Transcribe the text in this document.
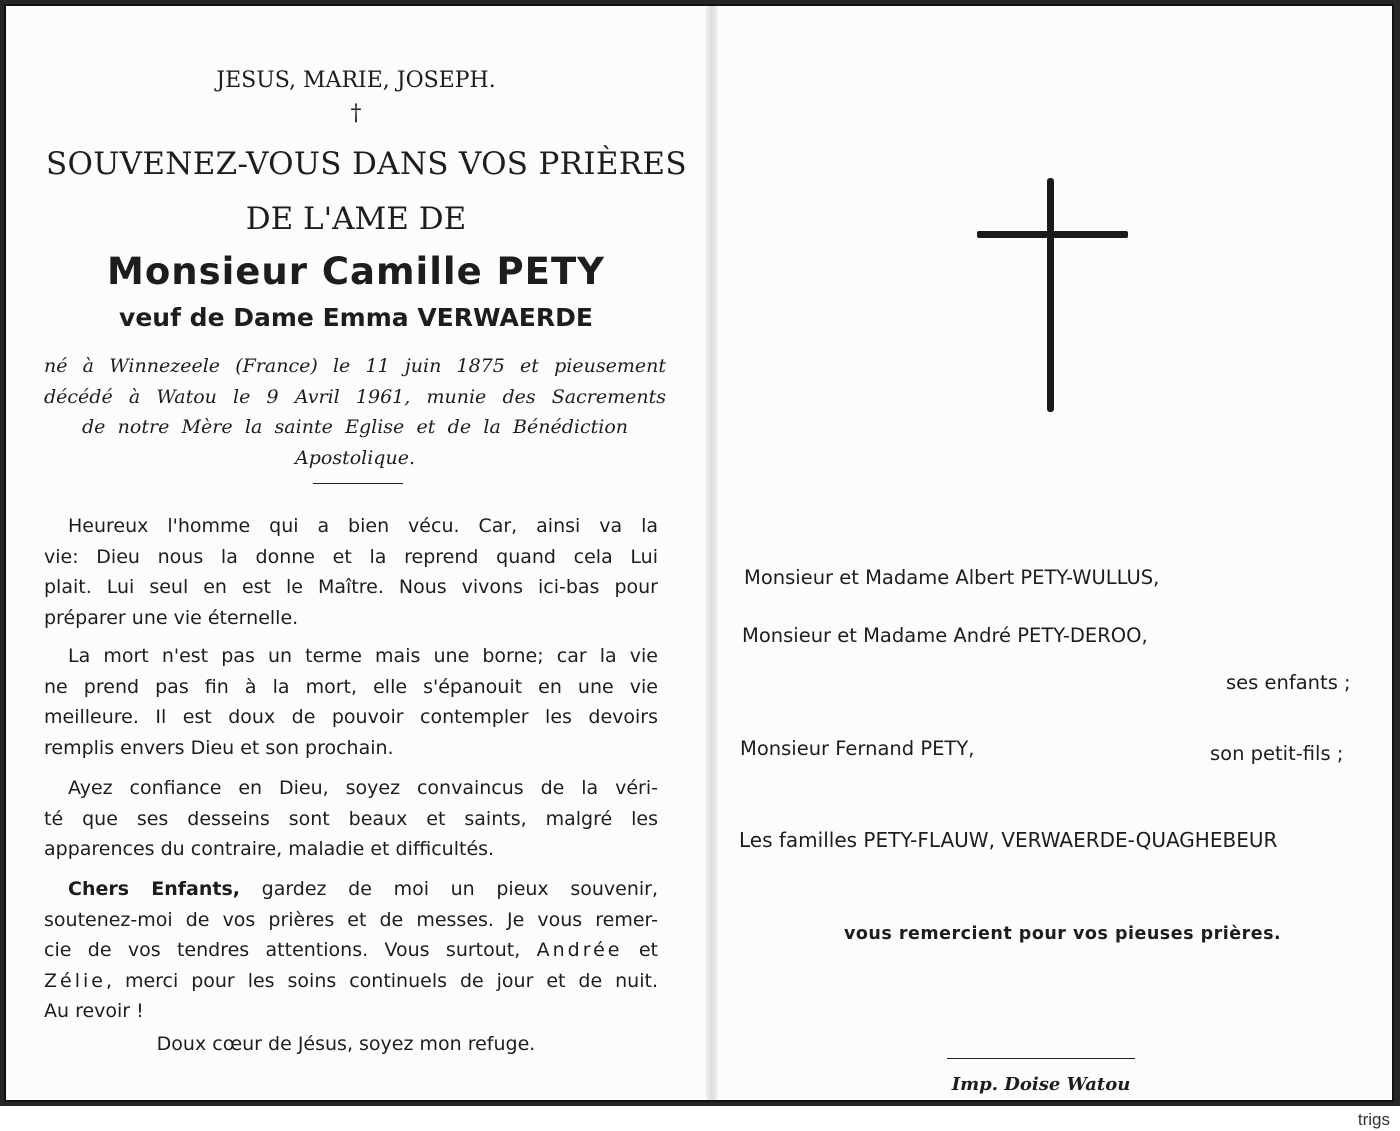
trigs
JESUS, MARIE, JOSEPH.
†
SOUVENEZ-VOUS DANS VOS PRIÈRES
DE L'AME DE
Monsieur Camille PETY
veuf de Dame Emma VERWAERDE
né à Winnezeele (France) le 11 juin 1875 et pieusement
décédé à Watou le 9 Avril 1961, munie des Sacrements
de notre Mère la sainte Eglise et de la Bénédiction
Apostolique.
Heureux l'homme qui a bien vécu. Car, ainsi va la
vie: Dieu nous la donne et la reprend quand cela Lui
plait. Lui seul en est le Maître. Nous vivons ici-bas pour
préparer une vie éternelle.
La mort n'est pas un terme mais une borne; car la vie
ne prend pas fin à la mort, elle s'épanouit en une vie
meilleure. Il est doux de pouvoir contempler les devoirs
remplis envers Dieu et son prochain.
Ayez confiance en Dieu, soyez convaincus de la véri-
té que ses desseins sont beaux et saints, malgré les
apparences du contraire, maladie et difficultés.
Chers Enfants, gardez de moi un pieux souvenir,
soutenez-moi de vos prières et de messes. Je vous remer-
cie de vos tendres attentions. Vous surtout, Andrée et
Zélie, merci pour les soins continuels de jour et de nuit.
Au revoir !
Doux cœur de Jésus, soyez mon refuge.
Monsieur et Madame Albert PETY-WULLUS,
Monsieur et Madame André PETY-DEROO,
ses enfants ;
Monsieur Fernand PETY,	son petit-fils ;
Les familles PETY-FLAUW, VERWAERDE-QUAGHEBEUR
vous remercient pour vos pieuses prières.
Imp. Doise Watou
